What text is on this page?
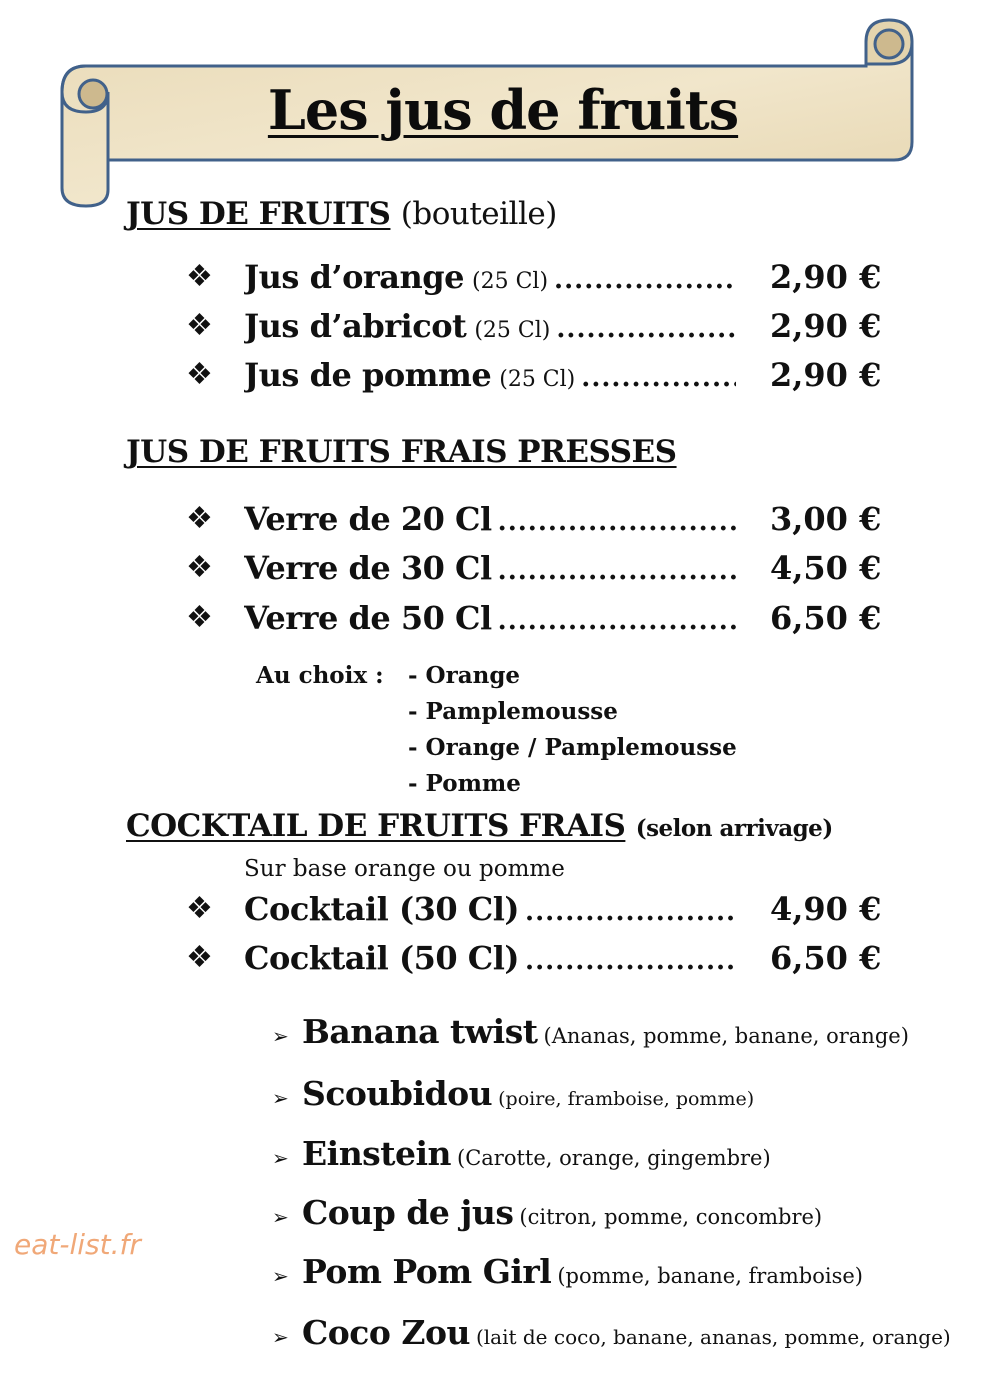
Les jus de fruits
JUS DE FRUITS (bouteille)
❖ Jus d’orange (25 Cl) .....	2,90 €
❖ Jus d’abricot (25 Cl) .....	2,90 €
❖ Jus de pomme (25 Cl) .....	2,90 €
JUS DE FRUITS FRAIS PRESSES
❖ Verre de 20 Cl .....	3,00 €
❖ Verre de 30 Cl .....	4,50 €
❖ Verre de 50 Cl .....	6,50 €
Au choix : - Orange
- Pamplemousse
- Orange / Pamplemousse
- Pomme
COCKTAIL DE FRUITS FRAIS (selon arrivage)
Sur base orange ou pomme
❖ Cocktail (30 Cl) .....	4,90 €
❖ Cocktail (50 Cl) .....	6,50 €
➢ Banana twist (Ananas, pomme, banane, orange)
➢ Scoubidou (poire, framboise, pomme)
➢ Einstein (Carotte, orange, gingembre)
➢ Coup de jus (citron, pomme, concombre)
➢ Pom Pom Girl (pomme, banane, framboise)
➢ Coco Zou (lait de coco, banane, ananas, pomme, orange)
eat-list.fr
